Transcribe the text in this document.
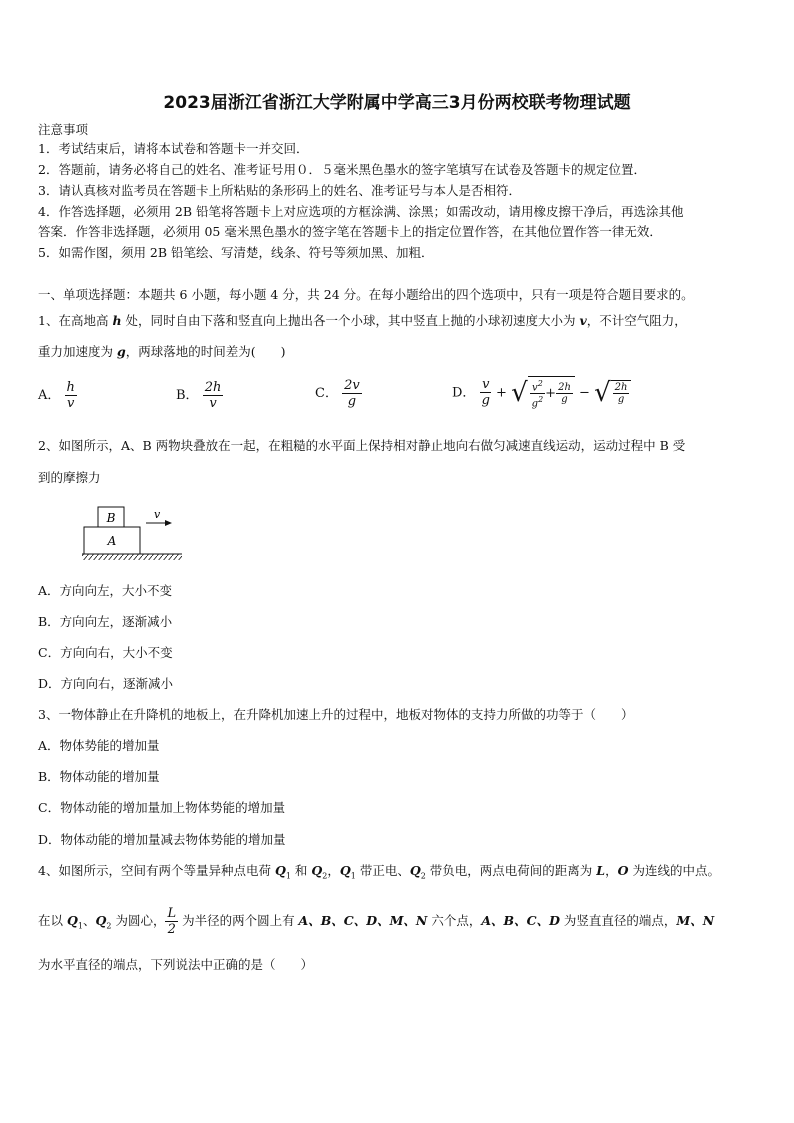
2023届浙江省浙江大学附属中学高三3月份两校联考物理试题
注意事项
1．考试结束后，请将本试卷和答题卡一并交回．
2．答题前，请务必将自己的姓名、准考证号用０．５毫米黑色墨水的签字笔填写在试卷及答题卡的规定位置．
3．请认真核对监考员在答题卡上所粘贴的条形码上的姓名、准考证号与本人是否相符．
4．作答选择题，必须用 2B 铅笔将答题卡上对应选项的方框涂满、涂黑；如需改动，请用橡皮擦干净后，再选涂其他
答案．作答非选择题，必须用 05 毫米黑色墨水的签字笔在答题卡上的指定位置作答，在其他位置作答一律无效．
5．如需作图，须用 2B 铅笔绘、写清楚，线条、符号等须加黑、加粗．
一、单项选择题：本题共 6 小题，每小题 4 分，共 24 分。在每小题给出的四个选项中，只有一项是符合题目要求的。
1、在高地高 h 处，同时自由下落和竖直向上抛出各一个小球，其中竖直上抛的小球初速度大小为 v，不计空气阻力，
重力加速度为 g，两球落地的时间差为(　　)
A． $\frac{h}{v}$	B． $\frac{2h}{v}$	C． $\frac{2v}{g}$	D． $\frac{v}{g}$ + √ $\frac{v^2}{g^2} + \frac{2h}{g}$ − √ $\frac{2h}{g}$
2、如图所示，A、B 两物块叠放在一起，在粗糙的水平面上保持相对静止地向右做匀减速直线运动，运动过程中 B 受
到的摩擦力
B
A
v
A．方向向左，大小不变
B．方向向左，逐渐减小
C．方向向右，大小不变
D．方向向右，逐渐减小
3、一物体静止在升降机的地板上，在升降机加速上升的过程中，地板对物体的支持力所做的功等于（　　）
A．物体势能的增加量
B．物体动能的增加量
C．物体动能的增加量加上物体势能的增加量
D．物体动能的增加量减去物体势能的增加量
4、如图所示，空间有两个等量异种点电荷 $Q_1$ 和 $Q_2$，$Q_1$ 带正电、$Q_2$ 带负电，两点电荷间的距离为 L，O 为连线的中点。
在以 $Q_1$、$Q_2$ 为圆心， $\frac{L}{2}$ 为半径的两个圆上有 A、B、C、D、M、N 六个点，A、B、C、D 为竖直直径的端点，M、N
为水平直径的端点，下列说法中正确的是（　　）
